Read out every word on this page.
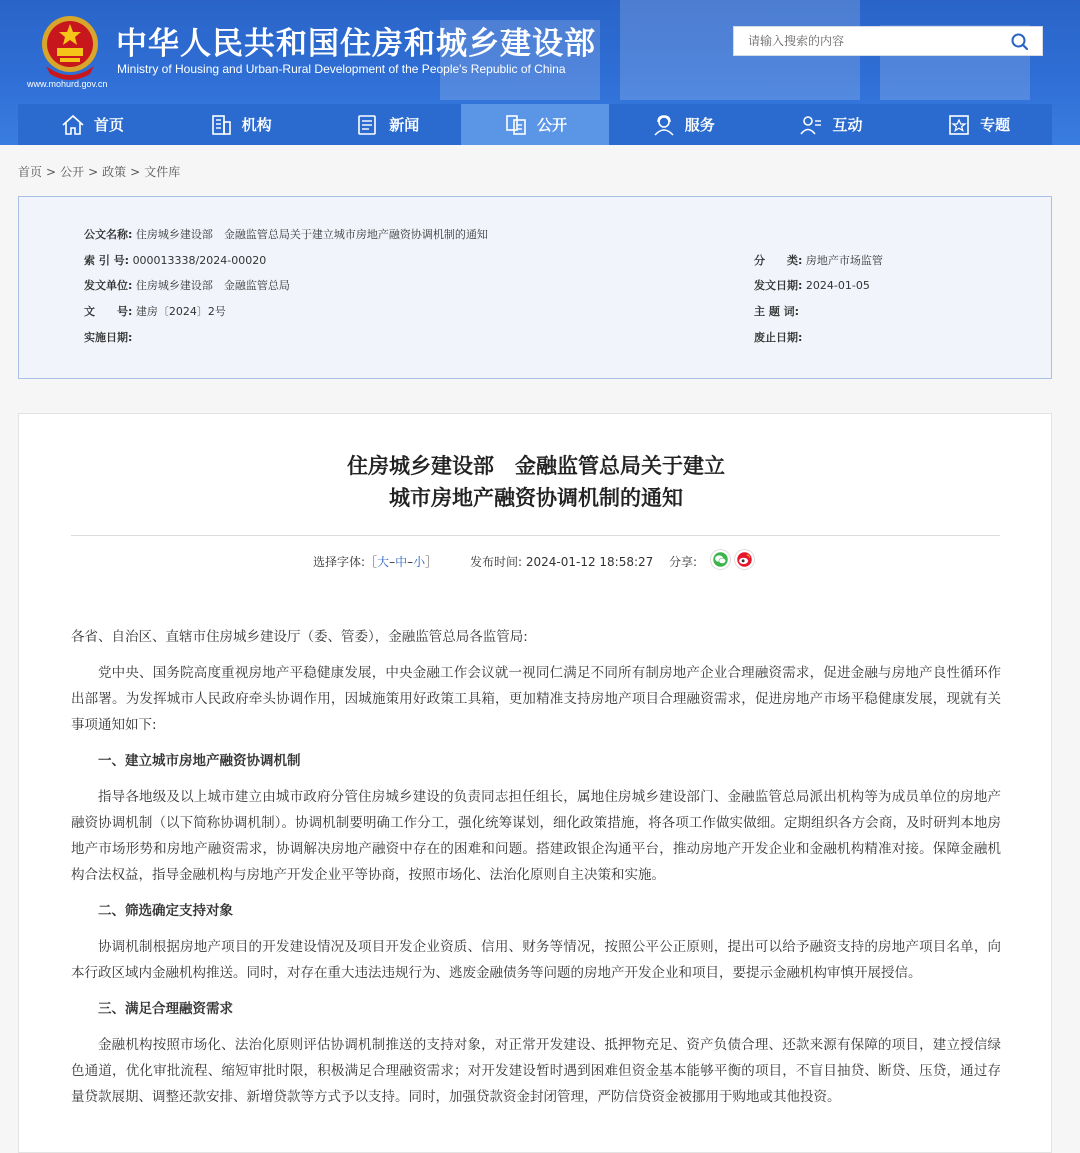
中华人民共和国住房和城乡建设部
Ministry of Housing and Urban-Rural Development of the People's Republic of China
www.mohurd.gov.cn
请输入搜索的内容
首页	机构	新闻	公开	服务	互动	专题
首页 > 公开 > 政策 > 文件库
公文名称: 住房城乡建设部　金融监管总局关于建立城市房地产融资协调机制的通知
索 引 号: 000013338/2024-00020	分　　类: 房地产市场监管
发文单位: 住房城乡建设部　金融监管总局	发文日期: 2024-01-05
文　　号: 建房〔2024〕2号	主 题 词:
实施日期:	废止日期:
住房城乡建设部　金融监管总局关于建立
城市房地产融资协调机制的通知
选择字体:［大–中–小］	发布时间: 2024-01-12 18:58:27 分享:

各省、自治区、直辖市住房城乡建设厅（委、管委），金融监管总局各监管局:

党中央、国务院高度重视房地产平稳健康发展，中央金融工作会议就一视同仁满足不同所有制房地产企业合理融资需求，促进金融与房地产良性循环作出部署。为发挥城市人民政府牵头协调作用，因城施策用好政策工具箱，更加精准支持房地产项目合理融资需求，促进房地产市场平稳健康发展，现就有关事项通知如下:

一、建立城市房地产融资协调机制

指导各地级及以上城市建立由城市政府分管住房城乡建设的负责同志担任组长，属地住房城乡建设部门、金融监管总局派出机构等为成员单位的房地产融资协调机制（以下简称协调机制）。协调机制要明确工作分工，强化统筹谋划，细化政策措施，将各项工作做实做细。定期组织各方会商，及时研判本地房地产市场形势和房地产融资需求，协调解决房地产融资中存在的困难和问题。搭建政银企沟通平台，推动房地产开发企业和金融机构精准对接。保障金融机构合法权益，指导金融机构与房地产开发企业平等协商，按照市场化、法治化原则自主决策和实施。

二、筛选确定支持对象

协调机制根据房地产项目的开发建设情况及项目开发企业资质、信用、财务等情况，按照公平公正原则，提出可以给予融资支持的房地产项目名单，向本行政区域内金融机构推送。同时，对存在重大违法违规行为、逃废金融债务等问题的房地产开发企业和项目，要提示金融机构审慎开展授信。

三、满足合理融资需求

金融机构按照市场化、法治化原则评估协调机制推送的支持对象，对正常开发建设、抵押物充足、资产负债合理、还款来源有保障的项目，建立授信绿色通道，优化审批流程、缩短审批时限，积极满足合理融资需求；对开发建设暂时遇到困难但资金基本能够平衡的项目，不盲目抽贷、断贷、压贷，通过存量贷款展期、调整还款安排、新增贷款等方式予以支持。同时，加强贷款资金封闭管理，严防信贷资金被挪用于购地或其他投资。
